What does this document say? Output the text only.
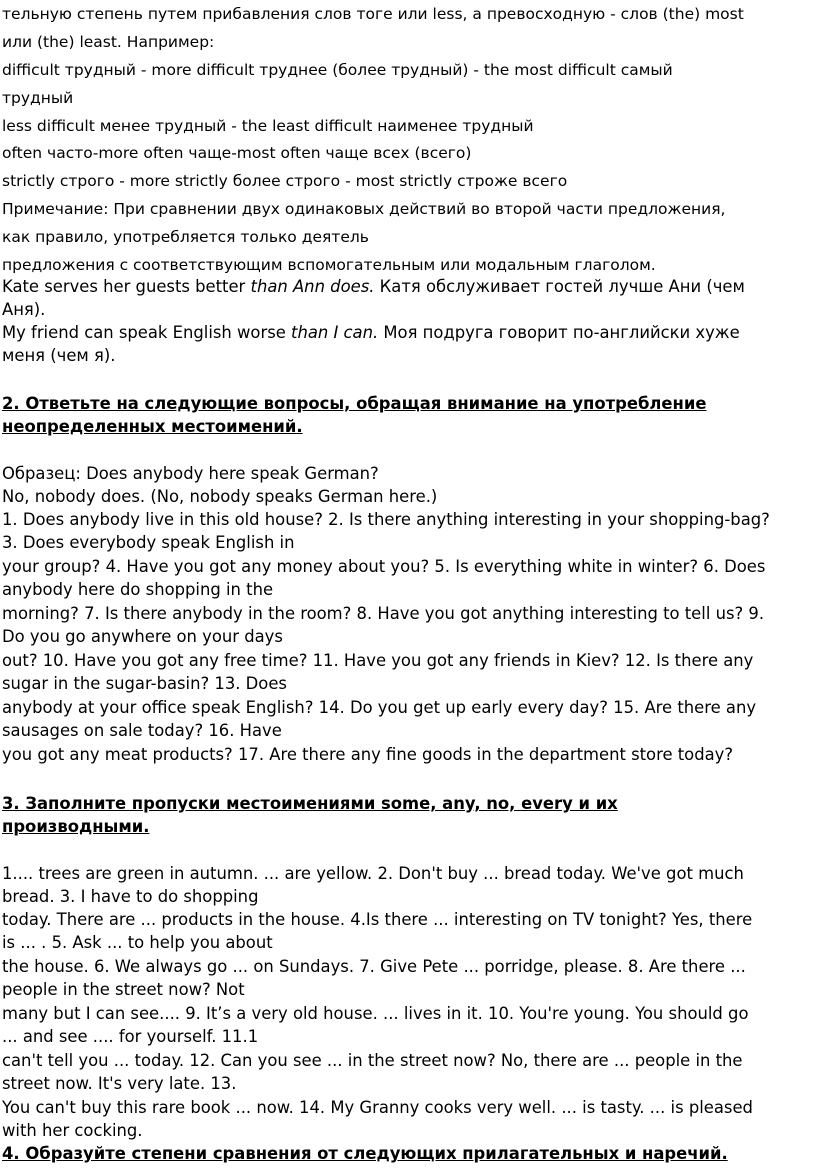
тельную степень путем прибавления слов тоге или less, а превосходную - слов (the) most
или (the) least. Например:
difficult трудный - more difficult труднее (более трудный) - the most difficult самый
трудный
less difficult менее трудный - the least difficult наименее трудный
often часто-more often чаще-most often чаще всех (всего)
strictly строго - more strictly более строго - most strictly строже всего
Примечание: При сравнении двух одинаковых действий во второй части предложения,
как правило, употребляется только деятель
предложения с соответствующим вспомогательным или модальным глаголом.
Kate serves her guests better than Ann does. Катя обслуживает гостей лучше Ани (чем
Аня).
My friend can speak English worse than I can. Моя подруга говорит по-английски хуже
меня (чем я).
2. Ответьте на следующие вопросы, обращая внимание на употребление
неопределенных местоимений.
Образец: Does anybody here speak German?
No, nobody does. (No, nobody speaks German here.)
1. Does anybody live in this old house? 2. Is there anything interesting in your shopping-bag?
3. Does everybody speak English in
your group? 4. Have you got any money about you? 5. Is everything white in winter? 6. Does
anybody here do shopping in the
morning? 7. Is there anybody in the room? 8. Have you got anything interesting to tell us? 9.
Do you go anywhere on your days
out? 10. Have you got any free time? 11. Have you got any friends in Kiev? 12. Is there any
sugar in the sugar-basin? 13. Does
anybody at your office speak English? 14. Do you get up early every day? 15. Are there any
sausages on sale today? 16. Have
you got any meat products? 17. Are there any fine goods in the department store today?
3. Заполните пропуски местоимениями some, any, no, every и их
производными.
1.... trees are green in autumn. ... are yellow. 2. Don't buy ... bread today. We've got much
bread. 3. I have to do shopping
today. There are ... products in the house. 4.Is there ... interesting on TV tonight? Yes, there
is ... . 5. Ask ... to help you about
the house. 6. We always go ... on Sundays. 7. Give Pete ... porridge, please. 8. Are there ...
people in the street now? Not
many but I can see.... 9. It’s a very old house. ... lives in it. 10. You're young. You should go
... and see .... for yourself. 11.1
can't tell you ... today. 12. Can you see ... in the street now? No, there are ... people in the
street now. It's very late. 13.
You can't buy this rare book ... now. 14. My Granny cooks very well. ... is tasty. ... is pleased
with her cocking.
4. Образуйте степени сравнения от следующих прилагательных и наречий.
